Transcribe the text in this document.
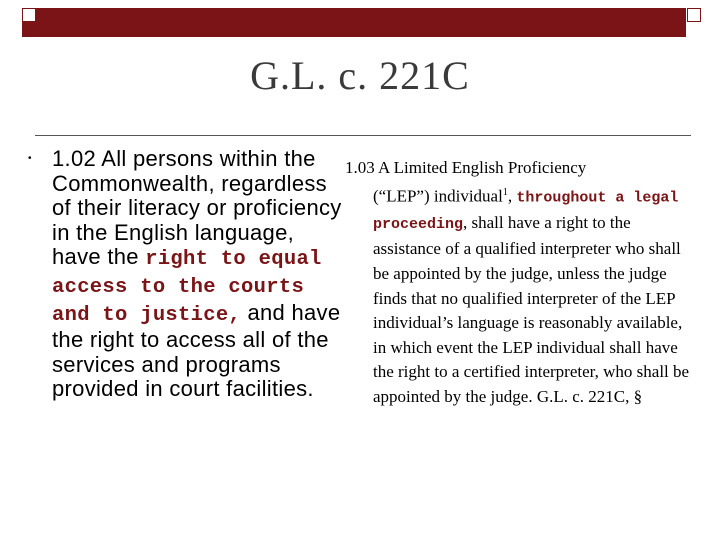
G.L. c. 221C
• 1.02 All persons within the Commonwealth, regardless of their literacy or proficiency in the English language, have the right to equal access to the courts and to justice, and have the right to access all of the services and programs provided in court facilities.
1.03 A Limited English Proficiency
(“LEP”) individual$^1$, throughout a legal proceeding, shall have a right to the assistance of a qualified interpreter who shall be appointed by the judge, unless the judge finds that no qualified interpreter of the LEP individual’s language is reasonably available, in which event the LEP individual shall have the right to a certified interpreter, who shall be appointed by the judge. G.L. c. 221C, §
